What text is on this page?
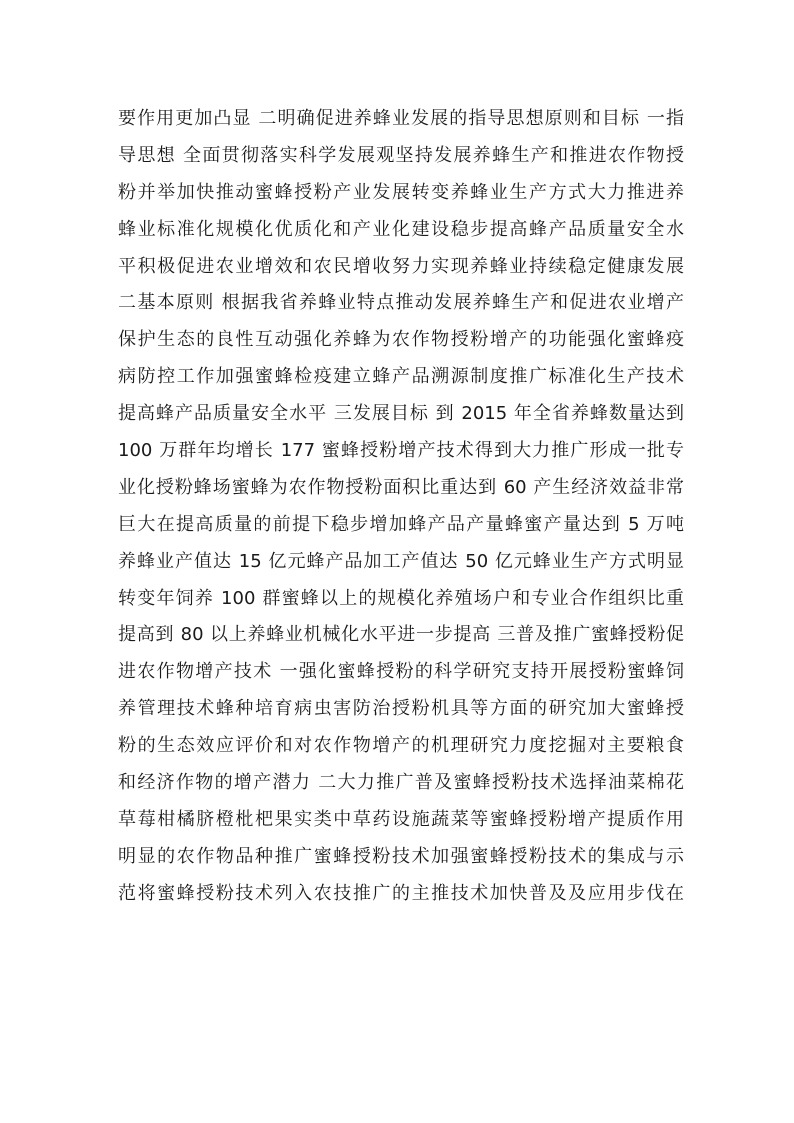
要作用更加凸显 二明确促进养蜂业发展的指导思想原则和目标 一指
导思想 全面贯彻落实科学发展观坚持发展养蜂生产和推进农作物授
粉并举加快推动蜜蜂授粉产业发展转变养蜂业生产方式大力推进养
蜂业标准化规模化优质化和产业化建设稳步提高蜂产品质量安全水
平积极促进农业增效和农民增收努力实现养蜂业持续稳定健康发展
二基本原则 根据我省养蜂业特点推动发展养蜂生产和促进农业增产
保护生态的良性互动强化养蜂为农作物授粉增产的功能强化蜜蜂疫
病防控工作加强蜜蜂检疫建立蜂产品溯源制度推广标准化生产技术
提高蜂产品质量安全水平 三发展目标 到 2015 年全省养蜂数量达到
100 万群年均增长 177 蜜蜂授粉增产技术得到大力推广形成一批专
业化授粉蜂场蜜蜂为农作物授粉面积比重达到 60 产生经济效益非常
巨大在提高质量的前提下稳步增加蜂产品产量蜂蜜产量达到 5 万吨
养蜂业产值达 15 亿元蜂产品加工产值达 50 亿元蜂业生产方式明显
转变年饲养 100 群蜜蜂以上的规模化养殖场户和专业合作组织比重
提高到 80 以上养蜂业机械化水平进一步提高 三普及推广蜜蜂授粉促
进农作物增产技术 一强化蜜蜂授粉的科学研究支持开展授粉蜜蜂饲
养管理技术蜂种培育病虫害防治授粉机具等方面的研究加大蜜蜂授
粉的生态效应评价和对农作物增产的机理研究力度挖掘对主要粮食
和经济作物的增产潜力 二大力推广普及蜜蜂授粉技术选择油菜棉花
草莓柑橘脐橙枇杷果实类中草药设施蔬菜等蜜蜂授粉增产提质作用
明显的农作物品种推广蜜蜂授粉技术加强蜜蜂授粉技术的集成与示
范将蜜蜂授粉技术列入农技推广的主推技术加快普及及应用步伐在
